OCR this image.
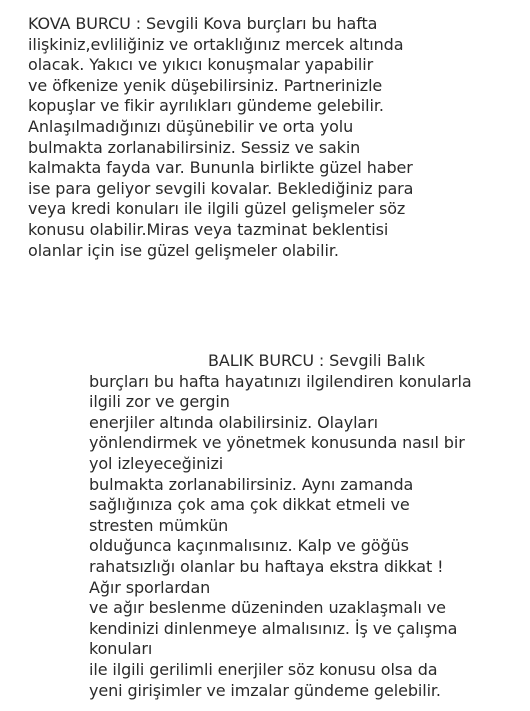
KOVA BURCU : Sevgili Kova burçları bu hafta
ilişkiniz,evliliğiniz ve ortaklığınız mercek altında
olacak. Yakıcı ve yıkıcı konuşmalar yapabilir
ve öfkenize yenik düşebilirsiniz. Partnerinizle
kopuşlar ve fikir ayrılıkları gündeme gelebilir.
Anlaşılmadığınızı düşünebilir ve orta yolu
bulmakta zorlanabilirsiniz. Sessiz ve sakin
kalmakta fayda var. Bununla birlikte güzel haber
ise para geliyor sevgili kovalar. Beklediğiniz para
veya kredi konuları ile ilgili güzel gelişmeler söz
konusu olabilir.Miras veya tazminat beklentisi
olanlar için ise güzel gelişmeler olabilir.
BALIK BURCU : Sevgili Balık
burçları bu hafta hayatınızı ilgilendiren konularla
ilgili zor ve gergin
enerjiler altında olabilirsiniz. Olayları
yönlendirmek ve yönetmek konusunda nasıl bir
yol izleyeceğinizi
bulmakta zorlanabilirsiniz. Aynı zamanda
sağlığınıza çok ama çok dikkat etmeli ve
stresten mümkün
olduğunca kaçınmalısınız. Kalp ve göğüs
rahatsızlığı olanlar bu haftaya ekstra dikkat !
Ağır sporlardan
ve ağır beslenme düzeninden uzaklaşmalı ve
kendinizi dinlenmeye almalısınız. İş ve çalışma
konuları
ile ilgili gerilimli enerjiler söz konusu olsa da
yeni girişimler ve imzalar gündeme gelebilir.
